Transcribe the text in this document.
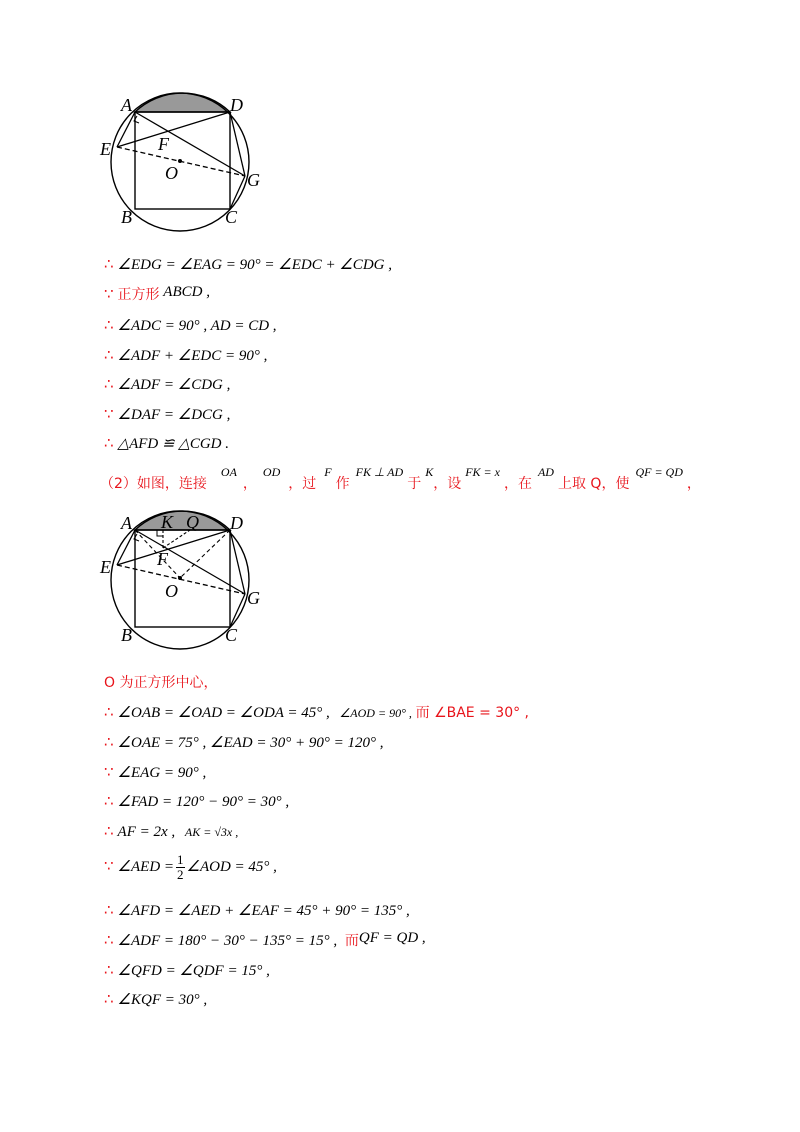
A	D
E	F
O	G
B	C
∴ ∠EDG = ∠EAG = 90° = ∠EDC + ∠CDG ,
∵ 正方形 ABCD ,
∴ ∠ADC = 90° , AD = CD ,
∴ ∠ADF + ∠EDC = 90° ,
∴ ∠ADF = ∠CDG ,
∵ ∠DAF = ∠DCG ,
∴ △AFD ≌ △CGD .
（2）如图，连接$^{OA}$，$^{OD}$，过$^F$作$^{FK \perp AD}$于$^K$，设$^{FK = x}$，在$^{AD}$上取 Q，使$^{QF = QD}$，
A K Q D
E	F
O	G
B	C
O 为正方形中心，
∴ ∠OAB = ∠OAD = ∠ODA = 45° , ∠AOD = 90° , 而 ∠BAE = 30° ,
∴ ∠OAE = 75° , ∠EAD = 30° + 90° = 120° ,
∵ ∠EAG = 90° ,
∴ ∠FAD = 120° − 90° = 30° ,
∴ AF = 2x , AK = √3x ,
∵ ∠AED = $\frac{1}{2}$ ∠AOD = 45° ,
∴ ∠AFD = ∠AED + ∠EAF = 45° + 90° = 135° ,
∴ ∠ADF = 180° − 30° − 135° = 15° , 而QF = QD ,
∴ ∠QFD = ∠QDF = 15° ,
∴ ∠KQF = 30° ,
